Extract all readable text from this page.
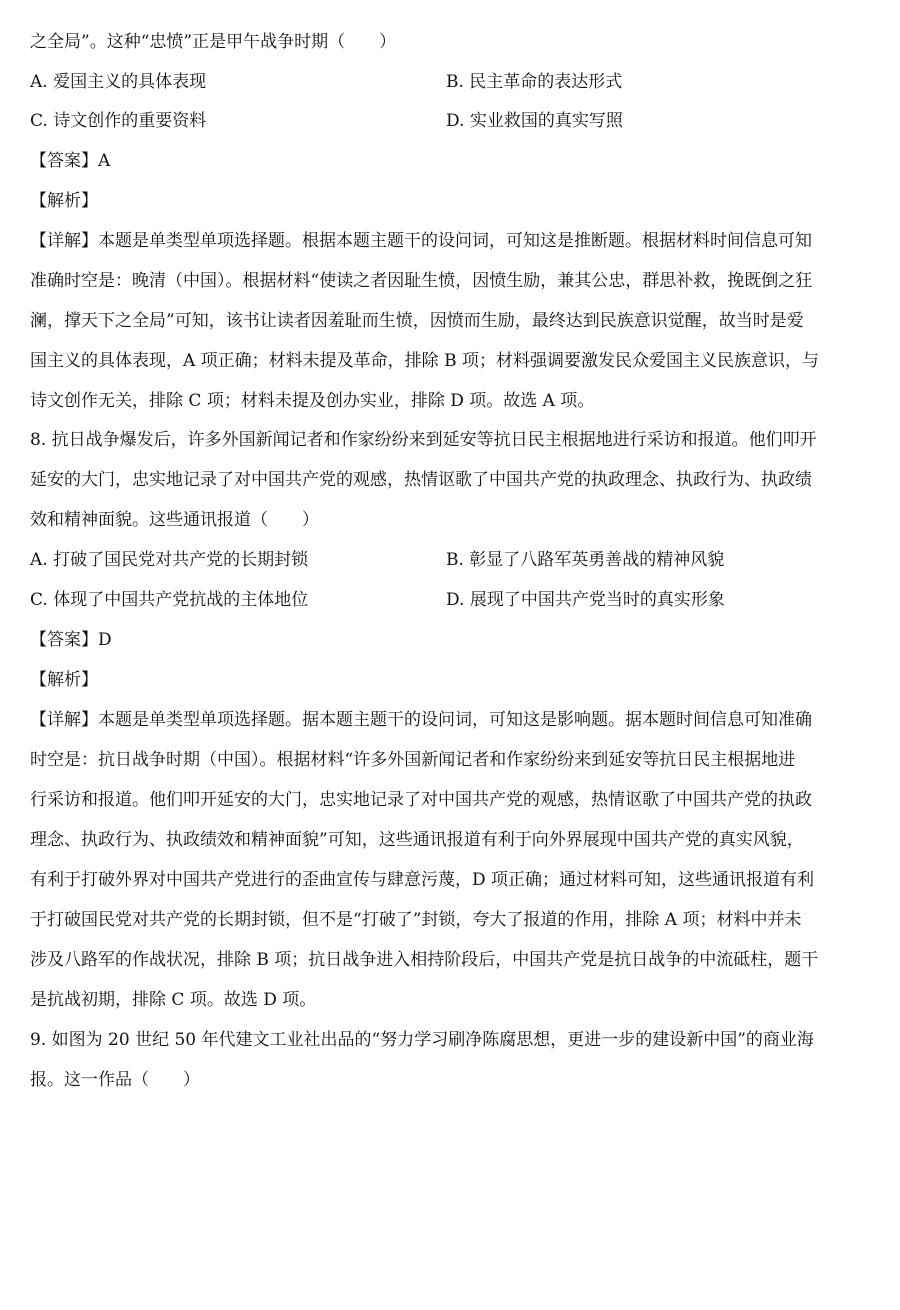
之全局”。这种“忠愤”正是甲午战争时期（　　）
A. 爱国主义的具体表现	B. 民主革命的表达形式
C. 诗文创作的重要资料	D. 实业救国的真实写照
【答案】A
【解析】
【详解】本题是单类型单项选择题。根据本题主题干的设问词，可知这是推断题。根据材料时间信息可知
准确时空是：晚清（中国）。根据材料“使读之者因耻生愤，因愤生励，兼其公忠，群思补救，挽既倒之狂
澜，撑天下之全局”可知，该书让读者因羞耻而生愤，因愤而生励，最终达到民族意识觉醒，故当时是爱
国主义的具体表现，A 项正确；材料未提及革命，排除 B 项；材料强调要激发民众爱国主义民族意识，与
诗文创作无关，排除 C 项；材料未提及创办实业，排除 D 项。故选 A 项。
8. 抗日战争爆发后，许多外国新闻记者和作家纷纷来到延安等抗日民主根据地进行采访和报道。他们叩开
延安的大门，忠实地记录了对中国共产党的观感，热情讴歌了中国共产党的执政理念、执政行为、执政绩
效和精神面貌。这些通讯报道（　　）
A. 打破了国民党对共产党的长期封锁	B. 彰显了八路军英勇善战的精神风貌
C. 体现了中国共产党抗战的主体地位	D. 展现了中国共产党当时的真实形象
【答案】D
【解析】
【详解】本题是单类型单项选择题。据本题主题干的设问词，可知这是影响题。据本题时间信息可知准确
时空是：抗日战争时期（中国）。根据材料“许多外国新闻记者和作家纷纷来到延安等抗日民主根据地进
行采访和报道。他们叩开延安的大门，忠实地记录了对中国共产党的观感，热情讴歌了中国共产党的执政
理念、执政行为、执政绩效和精神面貌”可知，这些通讯报道有利于向外界展现中国共产党的真实风貌，
有利于打破外界对中国共产党进行的歪曲宣传与肆意污蔑，D 项正确；通过材料可知，这些通讯报道有利
于打破国民党对共产党的长期封锁，但不是“打破了”封锁，夸大了报道的作用，排除 A 项；材料中并未
涉及八路军的作战状况，排除 B 项；抗日战争进入相持阶段后，中国共产党是抗日战争的中流砥柱，题干
是抗战初期，排除 C 项。故选 D 项。
9. 如图为 20 世纪 50 年代建文工业社出品的“努力学习刷净陈腐思想，更进一步的建设新中国”的商业海
报。这一作品（　　）
